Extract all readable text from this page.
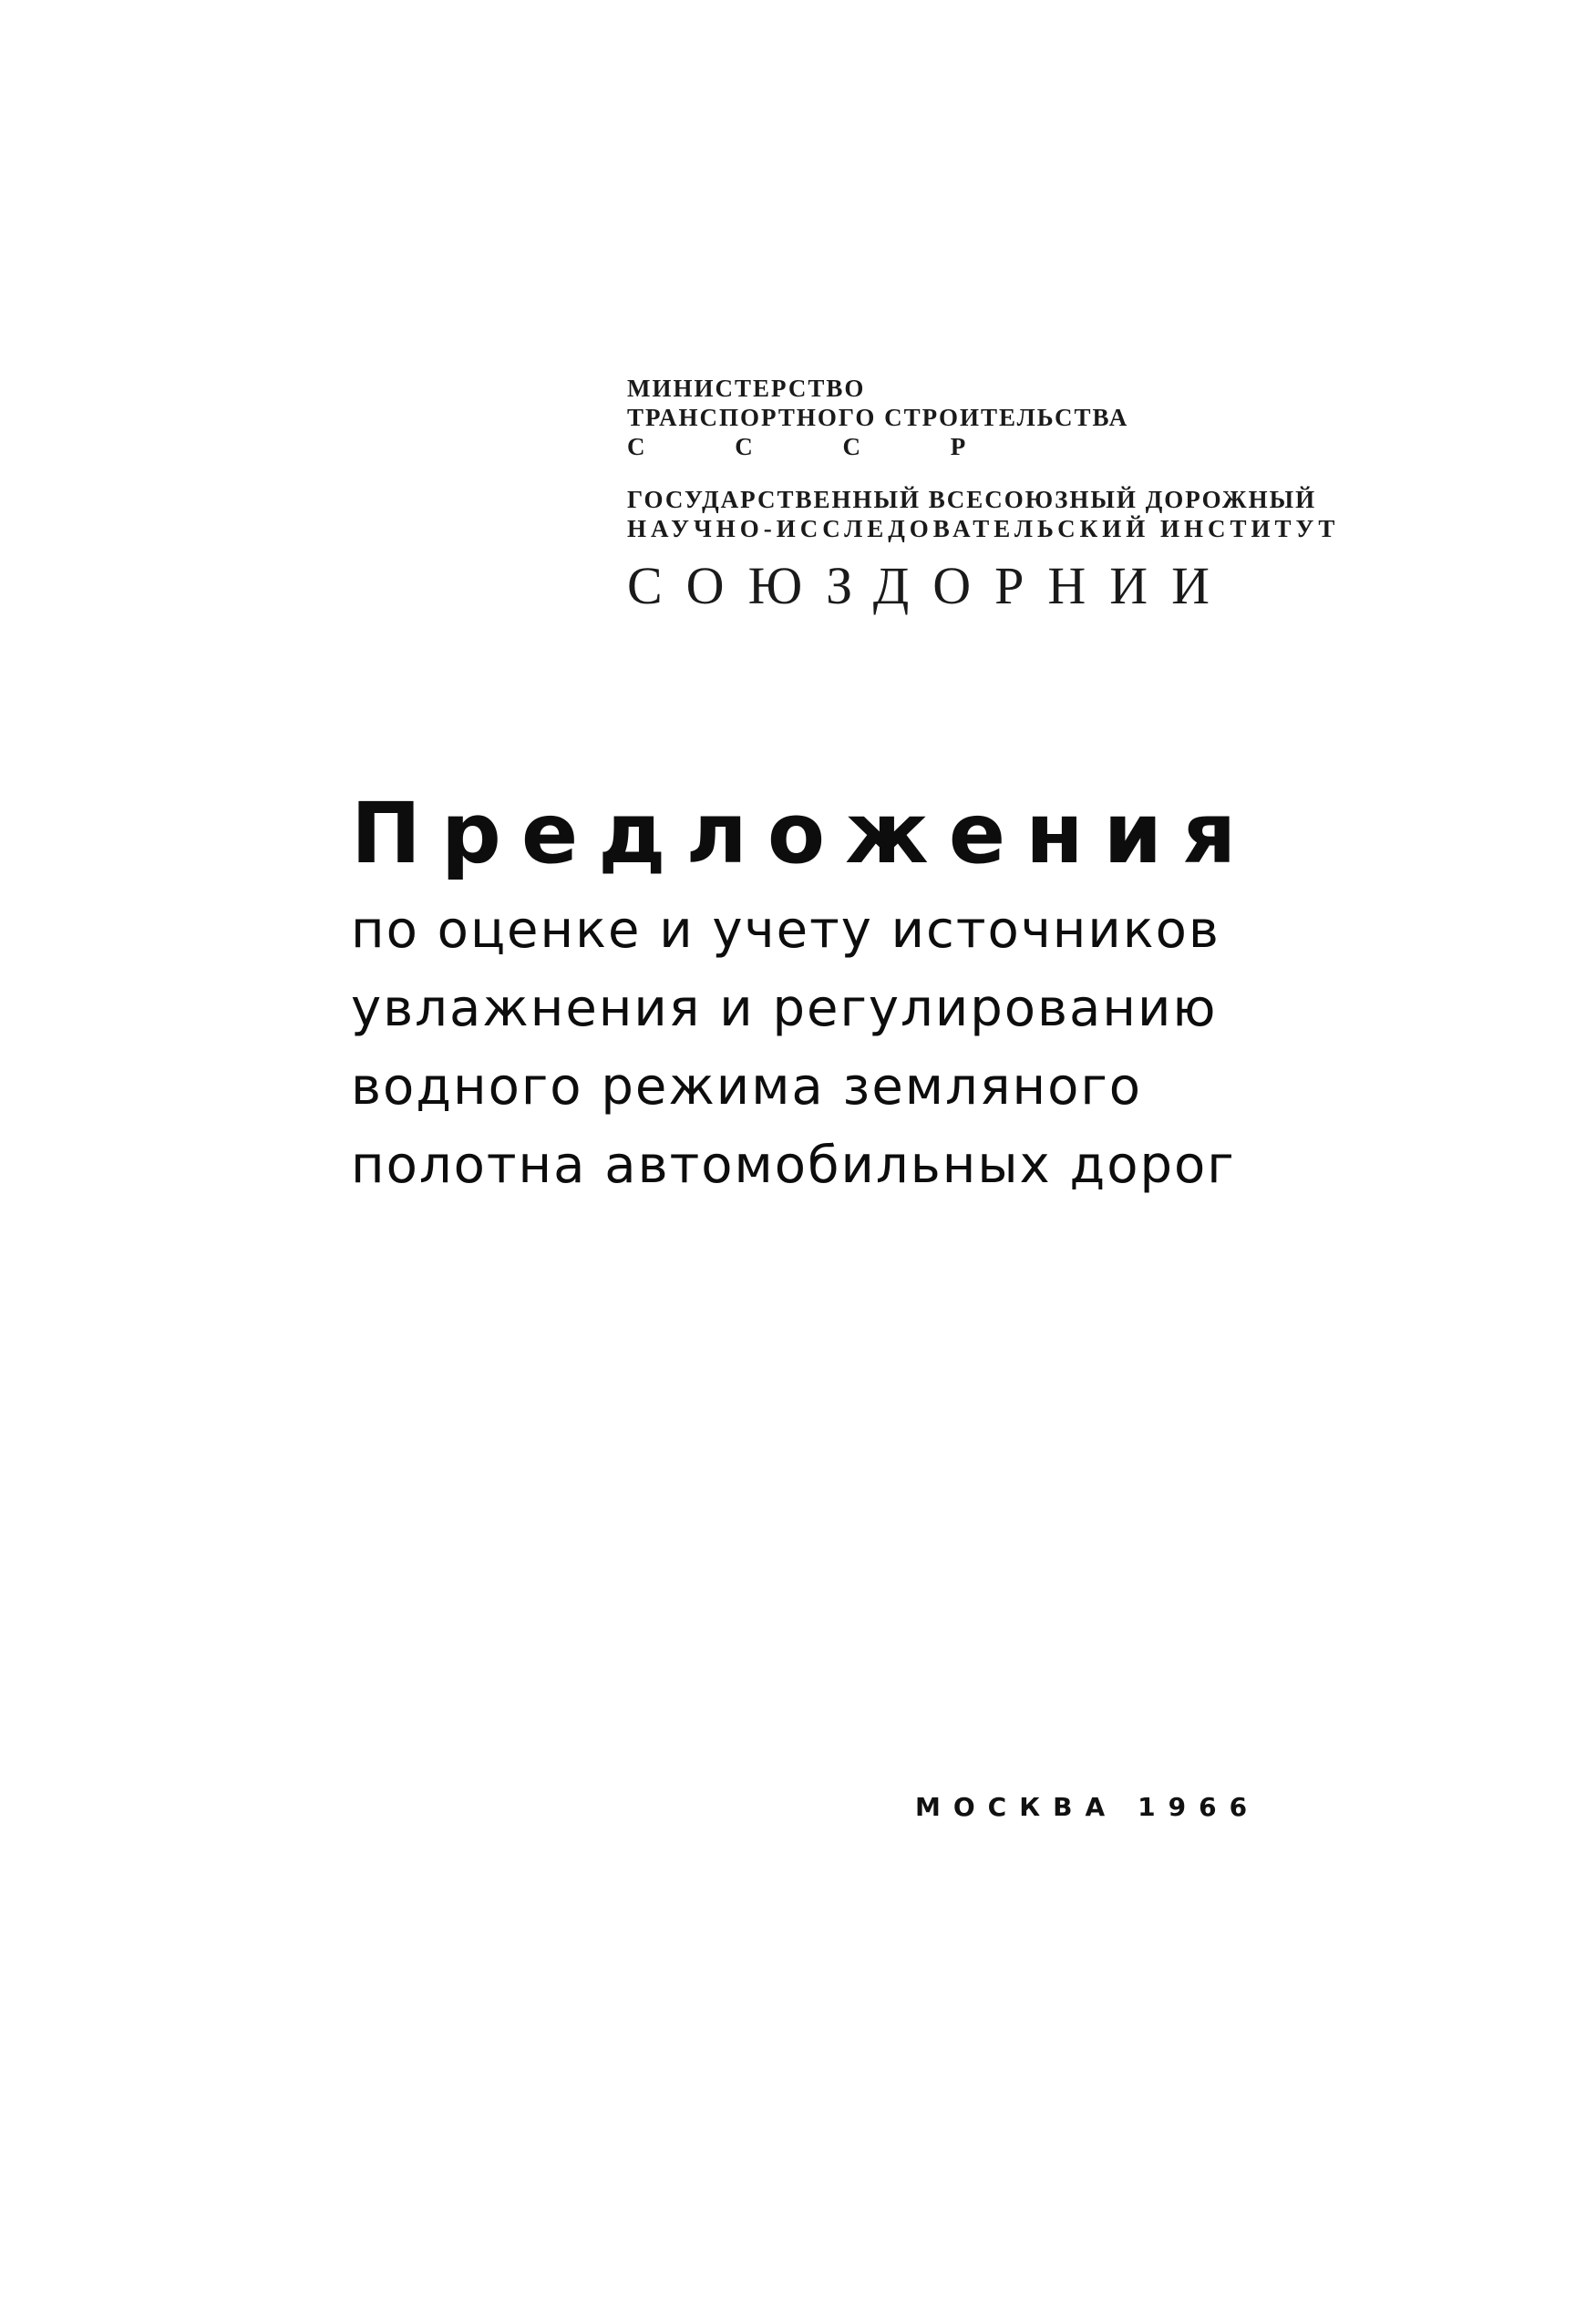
МИНИСТЕРСТВО
ТРАНСПОРТНОГО СТРОИТЕЛЬСТВА
С С С Р
ГОСУДАРСТВЕННЫЙ ВСЕСОЮЗНЫЙ ДОРОЖНЫЙ
НАУЧНО-ИССЛЕДОВАТЕЛЬСКИЙ ИНСТИТУТ
СОЮЗДОРНИИ
Предложения
по оценке и учету источников
увлажнения и регулированию
водного режима земляного
полотна автомобильных дорог
МОСКВА 1966
